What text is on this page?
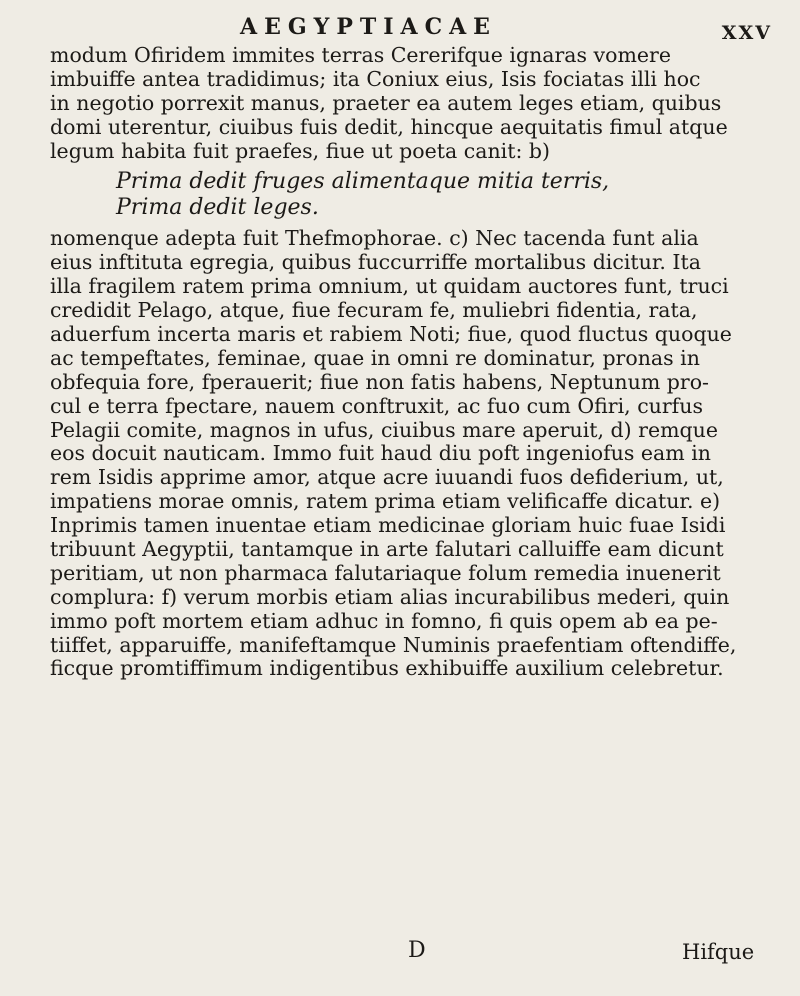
AEGYPTIACAE	XXV
modum Ofiridem immites terras Cererifque ignaras vomere
imbuiffe antea tradidimus; ita Coniux eius, Isis fociatas illi hoc
in negotio porrexit manus, praeter ea autem leges etiam, quibus
domi uterentur, ciuibus fuis dedit, hincque aequitatis fimul atque
legum habita fuit praefes, fiue ut poeta canit: b)
Prima dedit fruges alimentaque mitia terris,
Prima dedit leges.
nomenque adepta fuit Thefmophorae. c) Nec tacenda funt alia
eius inftituta egregia, quibus fuccurriffe mortalibus dicitur. Ita
illa fragilem ratem prima omnium, ut quidam auctores funt, truci
credidit Pelago, atque, fiue fecuram fe, muliebri fidentia, rata,
aduerfum incerta maris et rabiem Noti; fiue, quod fluctus quoque
ac tempeftates, feminae, quae in omni re dominatur, pronas in
obfequia fore, fperauerit; fiue non fatis habens, Neptunum pro-
cul e terra fpectare, nauem conftruxit, ac fuo cum Ofiri, curfus
Pelagii comite, magnos in ufus, ciuibus mare aperuit, d) remque
eos docuit nauticam. Immo fuit haud diu poft ingeniofus eam in
rem Isidis apprime amor, atque acre iuuandi fuos defiderium, ut,
impatiens morae omnis, ratem prima etiam velificaffe dicatur. e)
Inprimis tamen inuentae etiam medicinae gloriam huic fuae Isidi
tribuunt Aegyptii, tantamque in arte falutari calluiffe eam dicunt
peritiam, ut non pharmaca falutariaque folum remedia inuenerit
complura: f) verum morbis etiam alias incurabilibus mederi, quin
immo poft mortem etiam adhuc in fomno, fi quis opem ab ea pe-
tiiffet, apparuiffe, manifeftamque Numinis praefentiam oftendiffe,
ficque promtiffimum indigentibus exhibuiffe auxilium celebretur.
D	Hifque
